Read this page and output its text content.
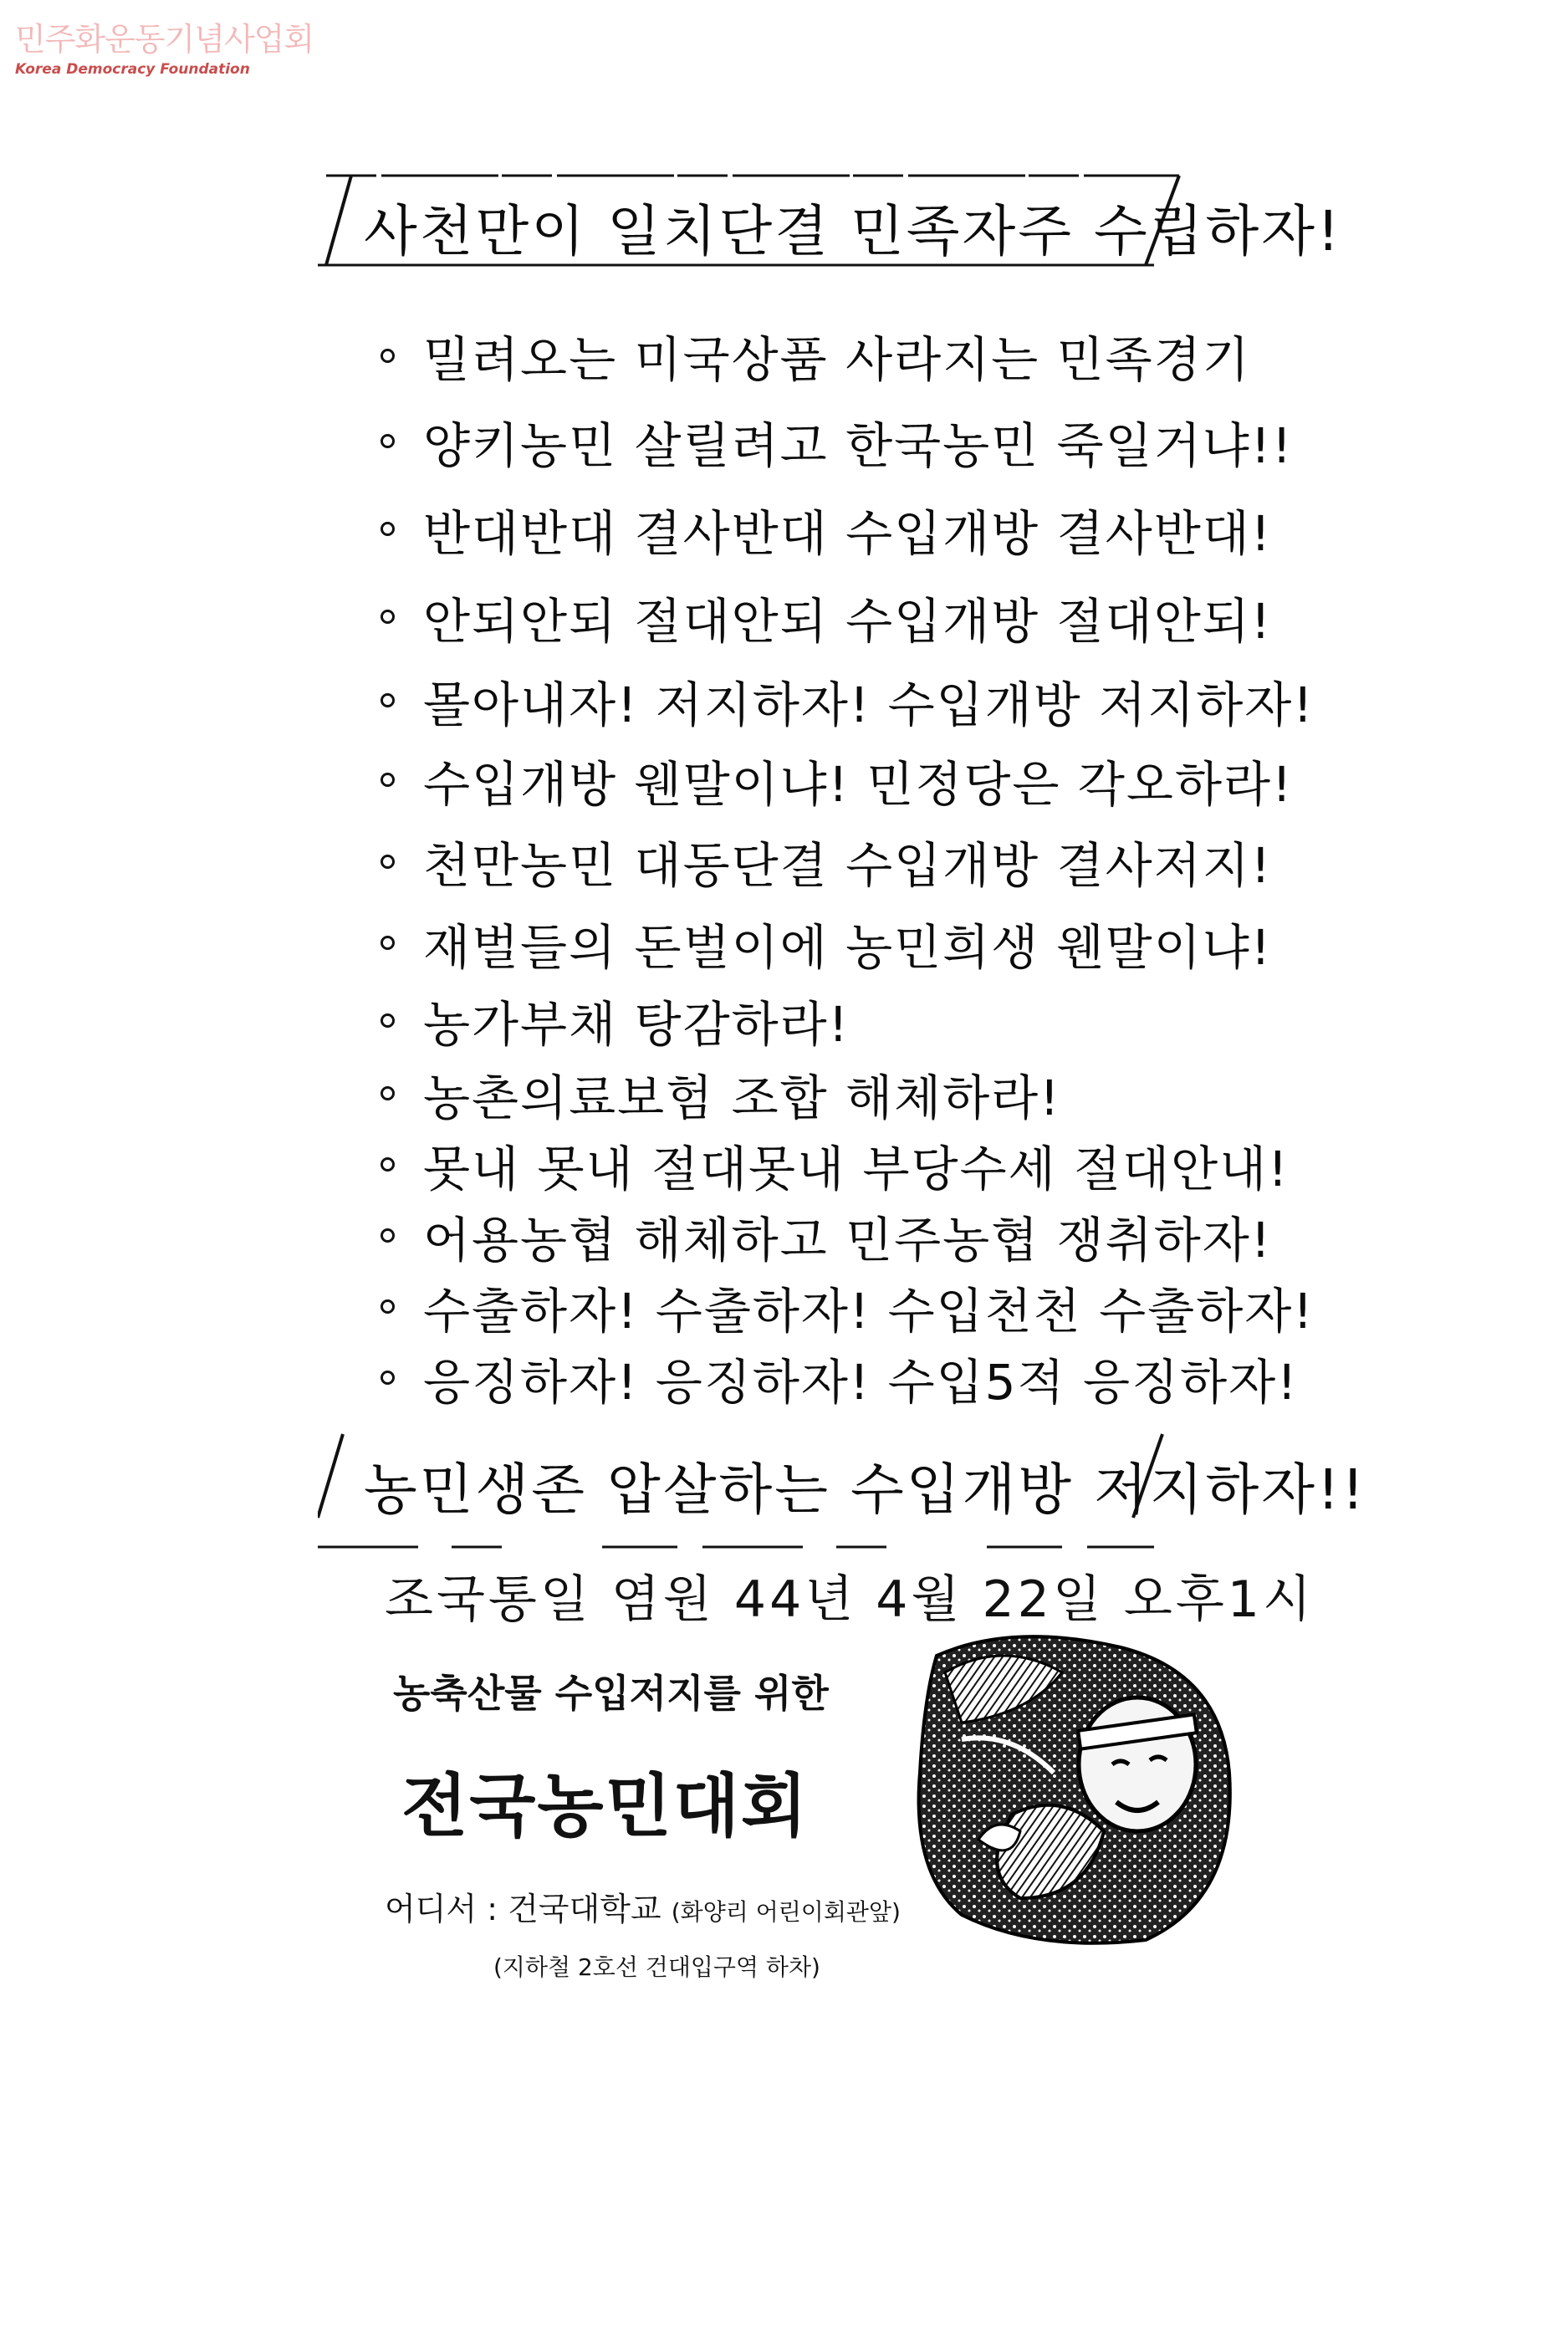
민주화운동기념사업회
Korea Democracy Foundation
사천만이 일치단결 민족자주 수립하자!
밀려오는 미국상품 사라지는 민족경기
양키농민 살릴려고 한국농민 죽일거냐!!
반대반대 결사반대 수입개방 결사반대!
안되안되 절대안되 수입개방 절대안되!
몰아내자! 저지하자! 수입개방 저지하자!
수입개방 웬말이냐! 민정당은 각오하라!
천만농민 대동단결 수입개방 결사저지!
재벌들의 돈벌이에 농민희생 웬말이냐!
농가부채 탕감하라!
농촌의료보험 조합 해체하라!
못내 못내 절대못내 부당수세 절대안내!
어용농협 해체하고 민주농협 쟁취하자!
수출하자! 수출하자! 수입천천 수출하자!
응징하자! 응징하자! 수입5적 응징하자!
농민생존 압살하는 수입개방 저지하자!!
조국통일 염원 44년 4월 22일 오후1시
농축산물 수입저지를 위한
전국농민대회
어디서 : 건국대학교 (화양리 어린이회관앞)
(지하철 2호선 건대입구역 하차)
